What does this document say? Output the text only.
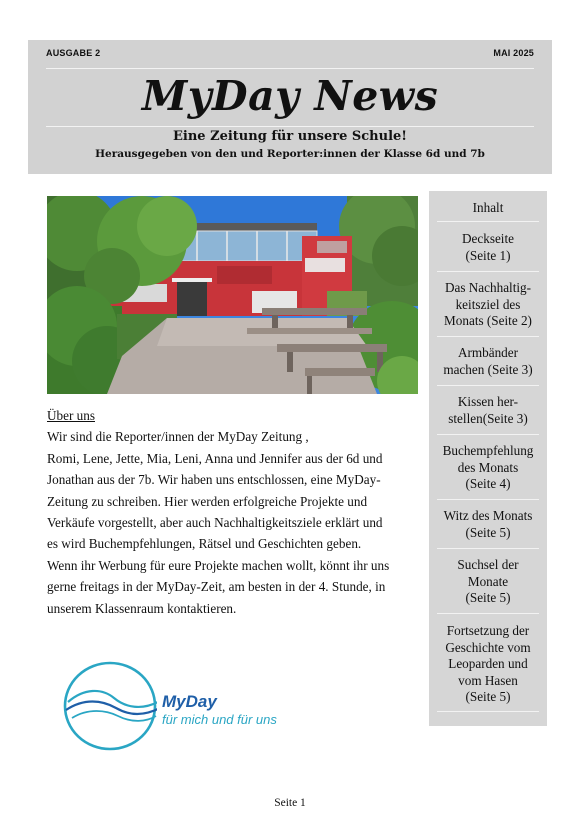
AUSGABE 2	MAI 2025
MyDay News
Eine Zeitung für unsere Schule!
Herausgegeben von den und Reporter:innen der Klasse 6d und 7b
Über uns

Wir sind die Reporter/innen der MyDay Zeitung ,

Romi, Lene, Jette, Mia, Leni, Anna und Jennifer aus der 6d und

Jonathan aus der 7b. Wir haben uns entschlossen, eine MyDay-

Zeitung zu schreiben. Hier werden erfolgreiche Projekte und

Verkäufe vorgestellt, aber auch Nachhaltigkeitsziele erklärt und

es wird Buchempfehlungen, Rätsel und Geschichten geben.

Wenn ihr Werbung für eure Projekte machen wollt, könnt ihr uns

gerne freitags in der MyDay-Zeit, am besten in der 4. Stunde, in

unserem Klassenraum kontaktieren.

MyDay
für mich und für uns
Inhalt
Deckseite
(Seite 1)
Das Nachhaltig-
keitsziel des
Monats (Seite 2)
Armbänder
machen (Seite 3)
Kissen her-
stellen(Seite 3)
Buchempfehlung
des Monats
(Seite 4)
Witz des Monats
(Seite 5)
Suchsel der
Monate
(Seite 5)
Fortsetzung der
Geschichte vom
Leoparden und
vom Hasen
(Seite 5)
Seite 1
